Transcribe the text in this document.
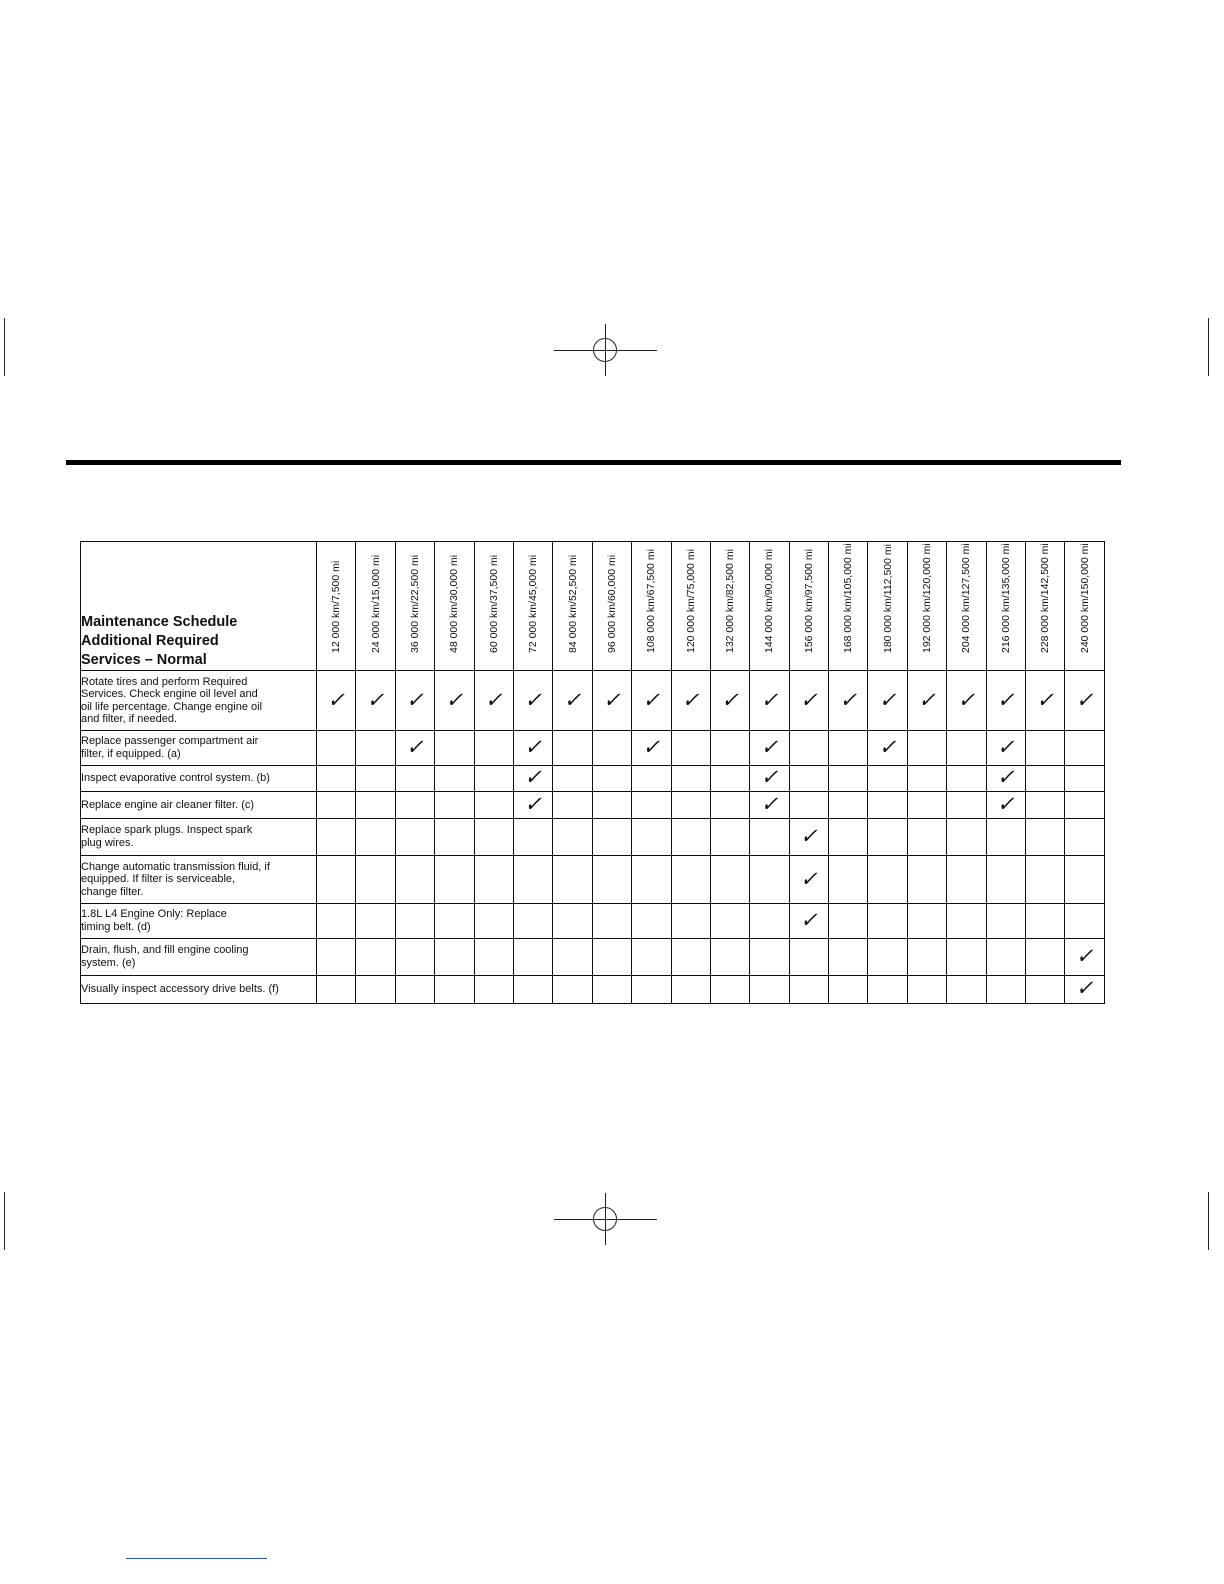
Maintenance Schedule
Additional Required
Services – Normal	12 000 km/7,500 mi	24 000 km/15,000 mi	36 000 km/22,500 mi	48 000 km/30,000 mi	60 000 km/37,500 mi	72 000 km/45,000 mi	84 000 km/52,500 mi	96 000 km/60,000 mi	108 000 km/67,500 mi	120 000 km/75,000 mi	132 000 km/82,500 mi	144 000 km/90,000 mi	156 000 km/97,500 mi	168 000 km/105,000 mi	180 000 km/112,500 mi	192 000 km/120,000 mi	204 000 km/127,500 mi	216 000 km/135,000 mi	228 000 km/142,500 mi	240 000 km/150,000 mi

Rotate tires and perform Required
Services. Check engine oil level and
oil life percentage. Change engine oil
and filter, if needed.	✓	✓	✓	✓	✓	✓	✓	✓	✓	✓	✓	✓	✓	✓	✓	✓	✓	✓	✓	✓
Replace passenger compartment air
filter, if equipped. (a)			✓			✓			✓			✓			✓			✓		
Inspect evaporative control system. (b)						✓						✓						✓		
Replace engine air cleaner filter. (c)						✓						✓						✓		
Replace spark plugs. Inspect spark
plug wires.													✓							
Change automatic transmission fluid, if
equipped. If filter is serviceable,
change filter.													✓							
1.8L L4 Engine Only: Replace
timing belt. (d)													✓							
Drain, flush, and fill engine cooling
system. (e)																				✓
Visually inspect accessory drive belts. (f)																				✓
